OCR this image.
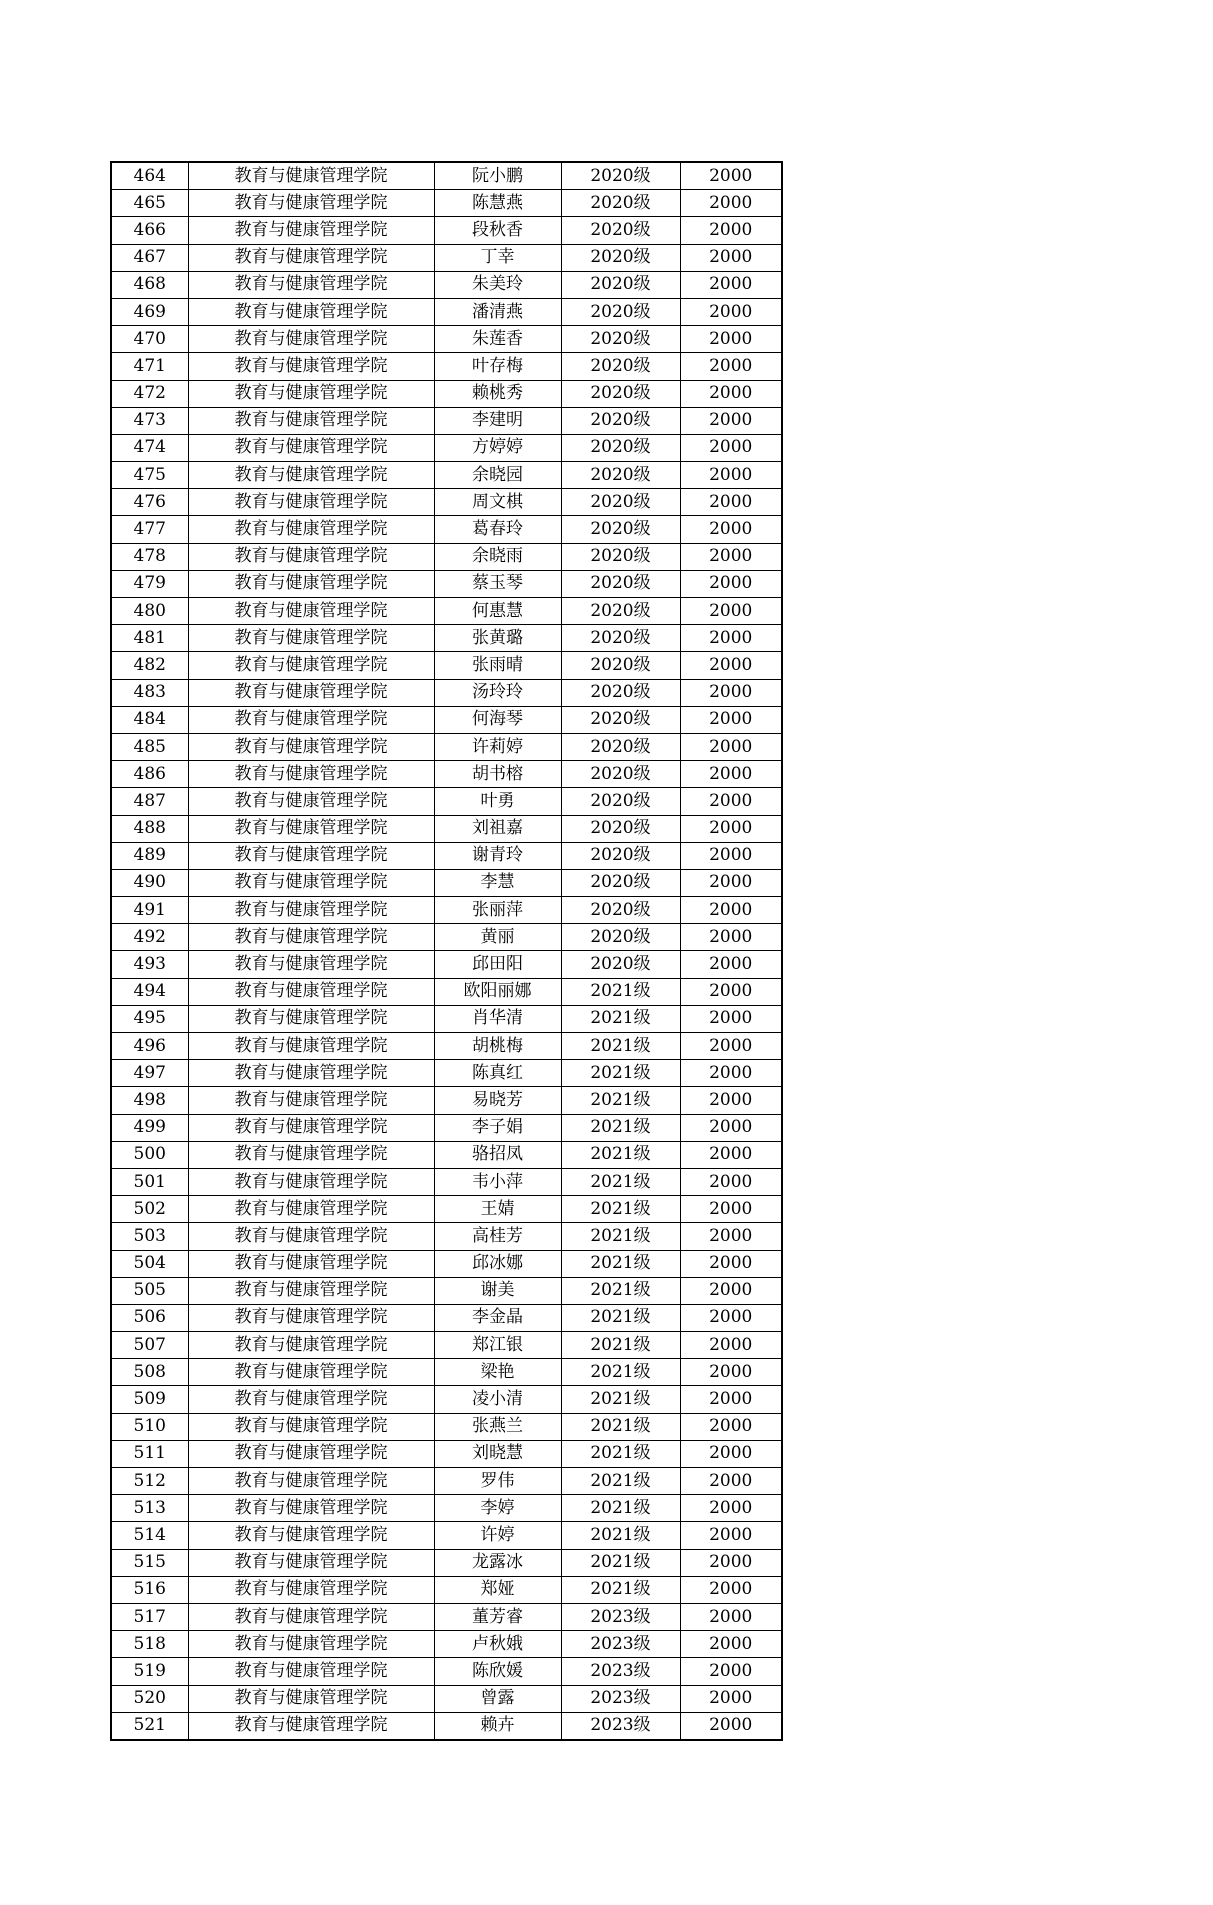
464	教育与健康管理学院	阮小鹏	2020级	2000
465	教育与健康管理学院	陈慧燕	2020级	2000
466	教育与健康管理学院	段秋香	2020级	2000
467	教育与健康管理学院	丁幸	2020级	2000
468	教育与健康管理学院	朱美玲	2020级	2000
469	教育与健康管理学院	潘清燕	2020级	2000
470	教育与健康管理学院	朱莲香	2020级	2000
471	教育与健康管理学院	叶存梅	2020级	2000
472	教育与健康管理学院	赖桃秀	2020级	2000
473	教育与健康管理学院	李建明	2020级	2000
474	教育与健康管理学院	方婷婷	2020级	2000
475	教育与健康管理学院	余晓园	2020级	2000
476	教育与健康管理学院	周文棋	2020级	2000
477	教育与健康管理学院	葛春玲	2020级	2000
478	教育与健康管理学院	余晓雨	2020级	2000
479	教育与健康管理学院	蔡玉琴	2020级	2000
480	教育与健康管理学院	何惠慧	2020级	2000
481	教育与健康管理学院	张黄璐	2020级	2000
482	教育与健康管理学院	张雨晴	2020级	2000
483	教育与健康管理学院	汤玲玲	2020级	2000
484	教育与健康管理学院	何海琴	2020级	2000
485	教育与健康管理学院	许莉婷	2020级	2000
486	教育与健康管理学院	胡书榕	2020级	2000
487	教育与健康管理学院	叶勇	2020级	2000
488	教育与健康管理学院	刘祖嘉	2020级	2000
489	教育与健康管理学院	谢青玲	2020级	2000
490	教育与健康管理学院	李慧	2020级	2000
491	教育与健康管理学院	张丽萍	2020级	2000
492	教育与健康管理学院	黄丽	2020级	2000
493	教育与健康管理学院	邱田阳	2020级	2000
494	教育与健康管理学院	欧阳丽娜	2021级	2000
495	教育与健康管理学院	肖华清	2021级	2000
496	教育与健康管理学院	胡桃梅	2021级	2000
497	教育与健康管理学院	陈真红	2021级	2000
498	教育与健康管理学院	易晓芳	2021级	2000
499	教育与健康管理学院	李子娟	2021级	2000
500	教育与健康管理学院	骆招凤	2021级	2000
501	教育与健康管理学院	韦小萍	2021级	2000
502	教育与健康管理学院	王婧	2021级	2000
503	教育与健康管理学院	高桂芳	2021级	2000
504	教育与健康管理学院	邱冰娜	2021级	2000
505	教育与健康管理学院	谢美	2021级	2000
506	教育与健康管理学院	李金晶	2021级	2000
507	教育与健康管理学院	郑江银	2021级	2000
508	教育与健康管理学院	梁艳	2021级	2000
509	教育与健康管理学院	凌小清	2021级	2000
510	教育与健康管理学院	张燕兰	2021级	2000
511	教育与健康管理学院	刘晓慧	2021级	2000
512	教育与健康管理学院	罗伟	2021级	2000
513	教育与健康管理学院	李婷	2021级	2000
514	教育与健康管理学院	许婷	2021级	2000
515	教育与健康管理学院	龙露冰	2021级	2000
516	教育与健康管理学院	郑娅	2021级	2000
517	教育与健康管理学院	董芳睿	2023级	2000
518	教育与健康管理学院	卢秋娥	2023级	2000
519	教育与健康管理学院	陈欣媛	2023级	2000
520	教育与健康管理学院	曾露	2023级	2000
521	教育与健康管理学院	赖卉	2023级	2000
